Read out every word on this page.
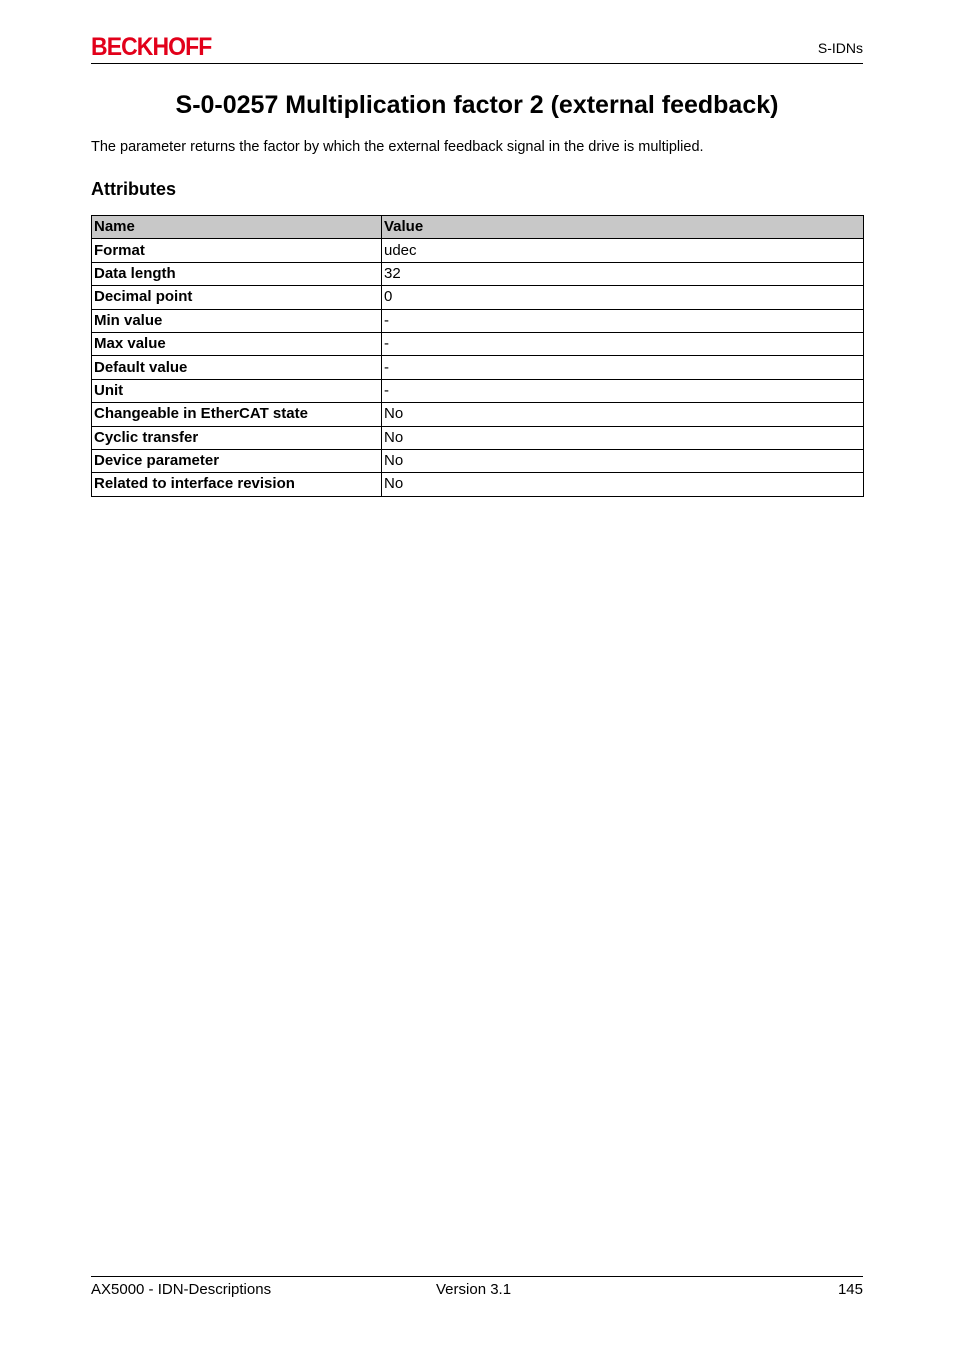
BECKHOFF	S-IDNs
S-0-0257 Multiplication factor 2 (external feedback)

The parameter returns the factor by which the external feedback signal in the drive is multiplied.

Attributes
Name	Value
Format	udec
Data length	32
Decimal point	0
Min value	-
Max value	-
Default value	-
Unit	-
Changeable in EtherCAT state	No
Cyclic transfer	No
Device parameter	No
Related to interface revision	No
AX5000 - IDN-Descriptions	Version 3.1	145
